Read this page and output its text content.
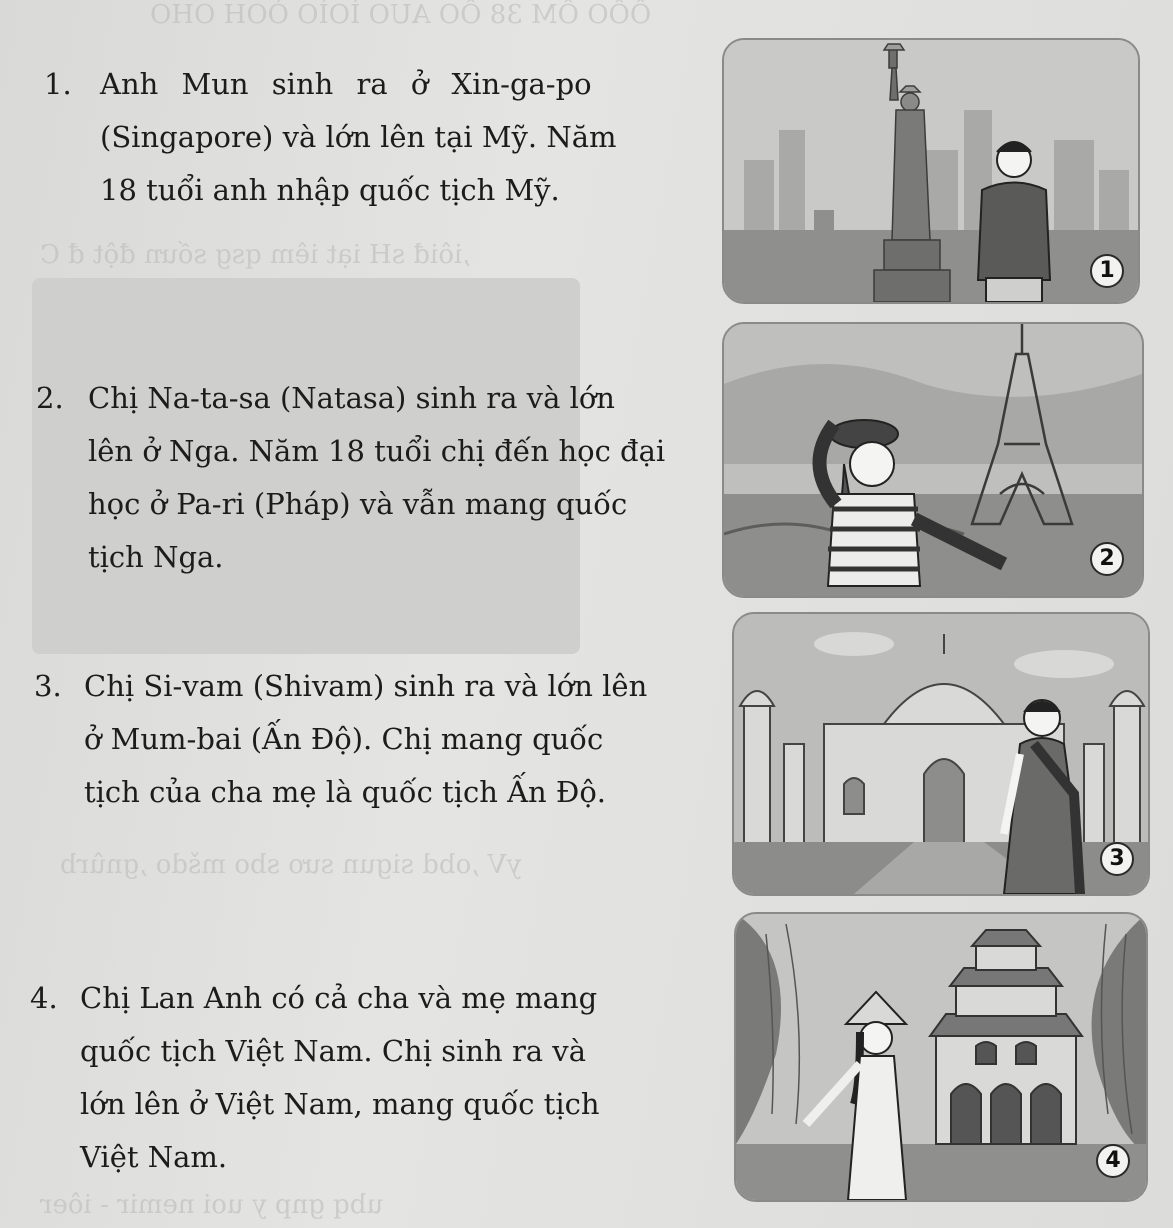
ÔÔO ÔM 38 ÔO AUO ÌOÌO ÒOH OHO
,iôiđ sH iạt iêm qsg sốưn đột đ C
yV ,obd sigun sưo sbo mšdo ,gnûrb
ubq gnp y uoi nemir - iôer
1. Anh Mun sinh ra ở Xin-ga-po
(Singapore) và lớn lên tại Mỹ. Năm
18 tuổi anh nhập quốc tịch Mỹ.
2. Chị Na-ta-sa (Natasa) sinh ra và lớn
lên ở Nga. Năm 18 tuổi chị đến học đại
học ở Pa-ri (Pháp) và vẫn mang quốc
tịch Nga.
3. Chị Si-vam (Shivam) sinh ra và lớn lên
ở Mum-bai (Ấn Độ). Chị mang quốc
tịch của cha mẹ là quốc tịch Ấn Độ.
4. Chị Lan Anh có cả cha và mẹ mang
quốc tịch Việt Nam. Chị sinh ra và
lớn lên ở Việt Nam, mang quốc tịch
Việt Nam.
1
2
3
4
